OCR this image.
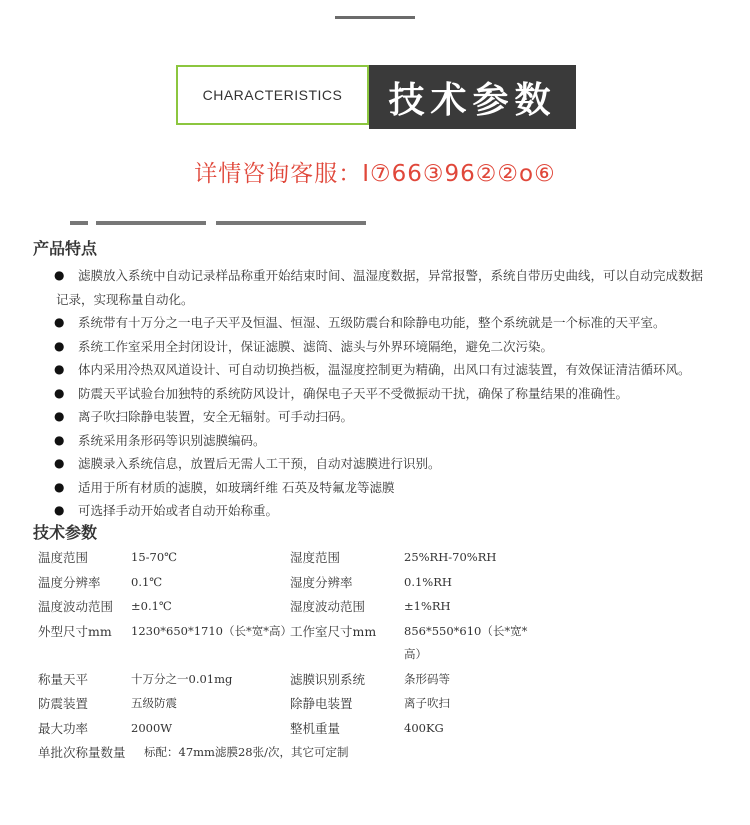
CHARACTERISTICS	技术参数
详情咨询客服：I⑦66③96②②o⑥
产品特点
● 滤膜放入系统中自动记录样品称重开始结束时间、温湿度数据，异常报警，系统自带历史曲线，可以自动完成数据
记录，实现称量自动化。
● 系统带有十万分之一电子天平及恒温、恒湿、五级防震台和除静电功能，整个系统就是一个标准的天平室。
● 系统工作室采用全封闭设计，保证滤膜、滤筒、滤头与外界环境隔绝，避免二次污染。
● 体内采用冷热双风道设计、可自动切换挡板，温湿度控制更为精确，出风口有过滤装置，有效保证清洁循环风。
● 防震天平试验台加独特的系统防风设计，确保电子天平不受微振动干扰，确保了称量结果的准确性。
● 离子吹扫除静电装置，安全无辐射。可手动扫码。
● 系统采用条形码等识别滤膜编码。
● 滤膜录入系统信息，放置后无需人工干预，自动对滤膜进行识别。
● 适用于所有材质的滤膜，如玻璃纤维 石英及特氟龙等滤膜
● 可选择手动开始或者自动开始称重。
技术参数
温度范围	15-70℃	湿度范围	25%RH-70%RH
温度分辨率	0.1℃	湿度分辨率	0.1%RH
温度波动范围	±0.1℃	湿度波动范围	±1%RH
外型尺寸mm	1230*650*1710（长*宽*高）	工作室尺寸mm	856*550*610（长*宽*高）
称量天平	十万分之一0.01mg	滤膜识别系统	条形码等
防震装置	五级防震	除静电装置	离子吹扫
最大功率	2000W	整机重量	400KG
单批次称量数量	标配：47mm滤膜28张/次，其它可定制		
